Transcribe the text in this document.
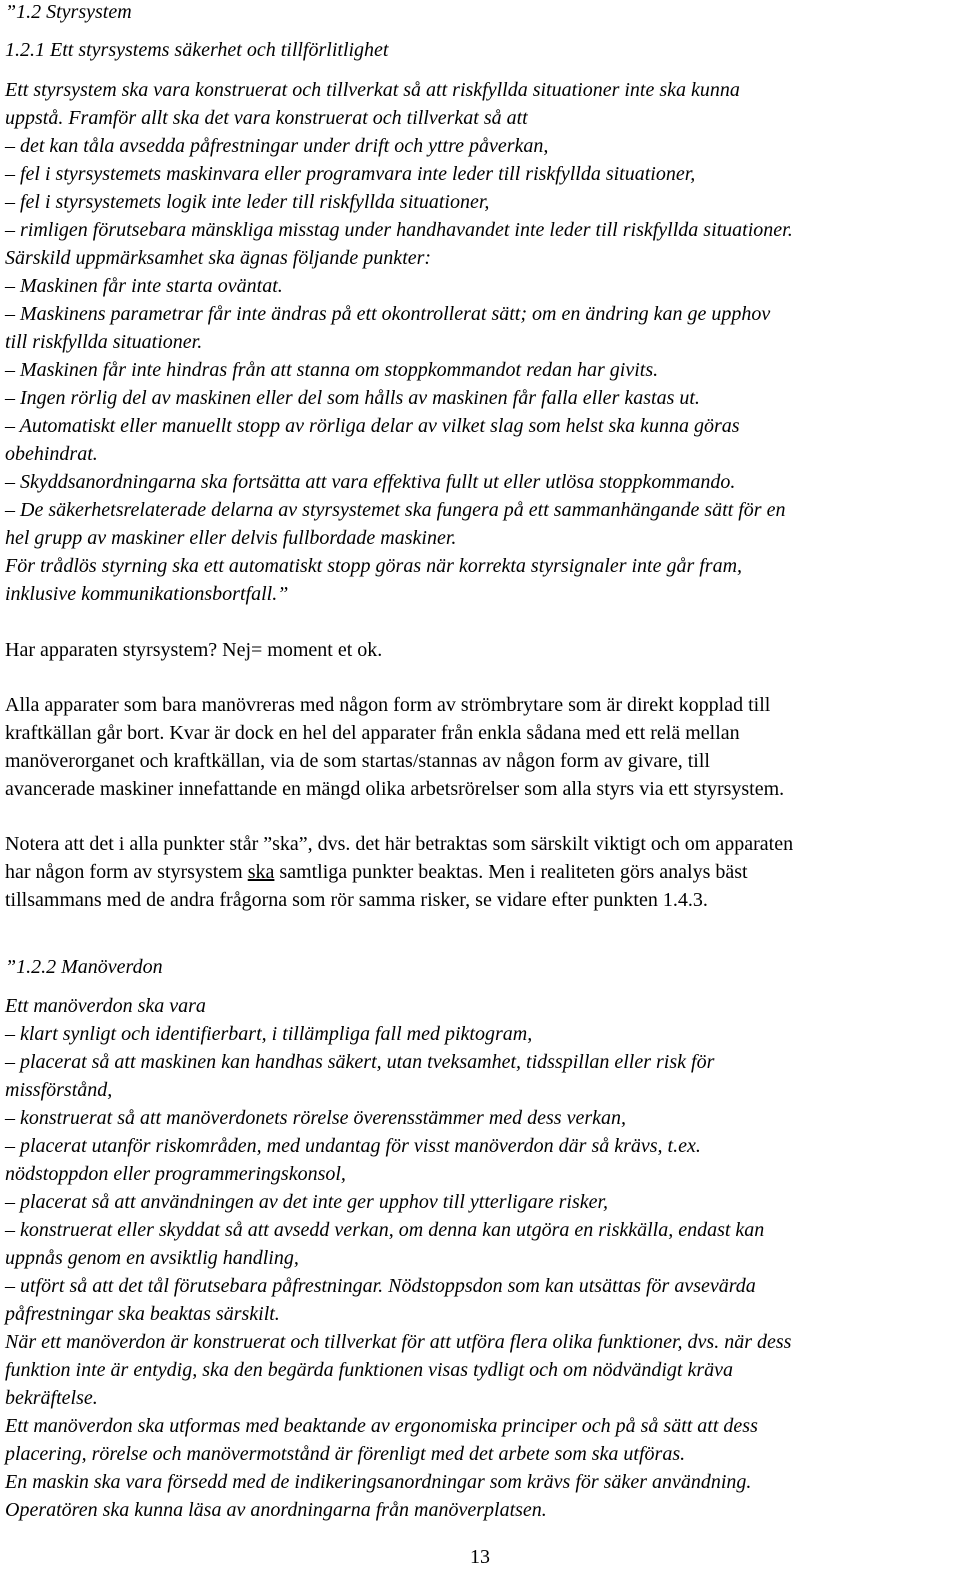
”1.2 Styrsystem
1.2.1 Ett styrsystems säkerhet och tillförlitlighet
Ett styrsystem ska vara konstruerat och tillverkat så att riskfyllda situationer inte ska kunna
uppstå. Framför allt ska det vara konstruerat och tillverkat så att
– det kan tåla avsedda påfrestningar under drift och yttre påverkan,
– fel i styrsystemets maskinvara eller programvara inte leder till riskfyllda situationer,
– fel i styrsystemets logik inte leder till riskfyllda situationer,
– rimligen förutsebara mänskliga misstag under handhavandet inte leder till riskfyllda situationer.
Särskild uppmärksamhet ska ägnas följande punkter:
– Maskinen får inte starta oväntat.
– Maskinens parametrar får inte ändras på ett okontrollerat sätt; om en ändring kan ge upphov
till riskfyllda situationer.
– Maskinen får inte hindras från att stanna om stoppkommandot redan har givits.
– Ingen rörlig del av maskinen eller del som hålls av maskinen får falla eller kastas ut.
– Automatiskt eller manuellt stopp av rörliga delar av vilket slag som helst ska kunna göras
obehindrat.
– Skyddsanordningarna ska fortsätta att vara effektiva fullt ut eller utlösa stoppkommando.
– De säkerhetsrelaterade delarna av styrsystemet ska fungera på ett sammanhängande sätt för en
hel grupp av maskiner eller delvis fullbordade maskiner.
För trådlös styrning ska ett automatiskt stopp göras när korrekta styrsignaler inte går fram,
inklusive kommunikationsbortfall.”
Har apparaten styrsystem? Nej= moment et ok.
Alla apparater som bara manövreras med någon form av strömbrytare som är direkt kopplad till
kraftkällan går bort. Kvar är dock en hel del apparater från enkla sådana med ett relä mellan
manöverorganet och kraftkällan, via de som startas/stannas av någon form av givare, till
avancerade maskiner innefattande en mängd olika arbetsrörelser som alla styrs via ett styrsystem.
Notera att det i alla punkter står ”ska”, dvs. det här betraktas som särskilt viktigt och om apparaten
har någon form av styrsystem ska samtliga punkter beaktas. Men i realiteten görs analys bäst
tillsammans med de andra frågorna som rör samma risker, se vidare efter punkten 1.4.3.
”1.2.2 Manöverdon
Ett manöverdon ska vara
– klart synligt och identifierbart, i tillämpliga fall med piktogram,
– placerat så att maskinen kan handhas säkert, utan tveksamhet, tidsspillan eller risk för
missförstånd,
– konstruerat så att manöverdonets rörelse överensstämmer med dess verkan,
– placerat utanför riskområden, med undantag för visst manöverdon där så krävs, t.ex.
nödstoppdon eller programmeringskonsol,
– placerat så att användningen av det inte ger upphov till ytterligare risker,
– konstruerat eller skyddat så att avsedd verkan, om denna kan utgöra en riskkälla, endast kan
uppnås genom en avsiktlig handling,
– utfört så att det tål förutsebara påfrestningar. Nödstoppsdon som kan utsättas för avsevärda
påfrestningar ska beaktas särskilt.
När ett manöverdon är konstruerat och tillverkat för att utföra flera olika funktioner, dvs. när dess
funktion inte är entydig, ska den begärda funktionen visas tydligt och om nödvändigt kräva
bekräftelse.
Ett manöverdon ska utformas med beaktande av ergonomiska principer och på så sätt att dess
placering, rörelse och manövermotstånd är förenligt med det arbete som ska utföras.
En maskin ska vara försedd med de indikeringsanordningar som krävs för säker användning.
Operatören ska kunna läsa av anordningarna från manöverplatsen.
13
